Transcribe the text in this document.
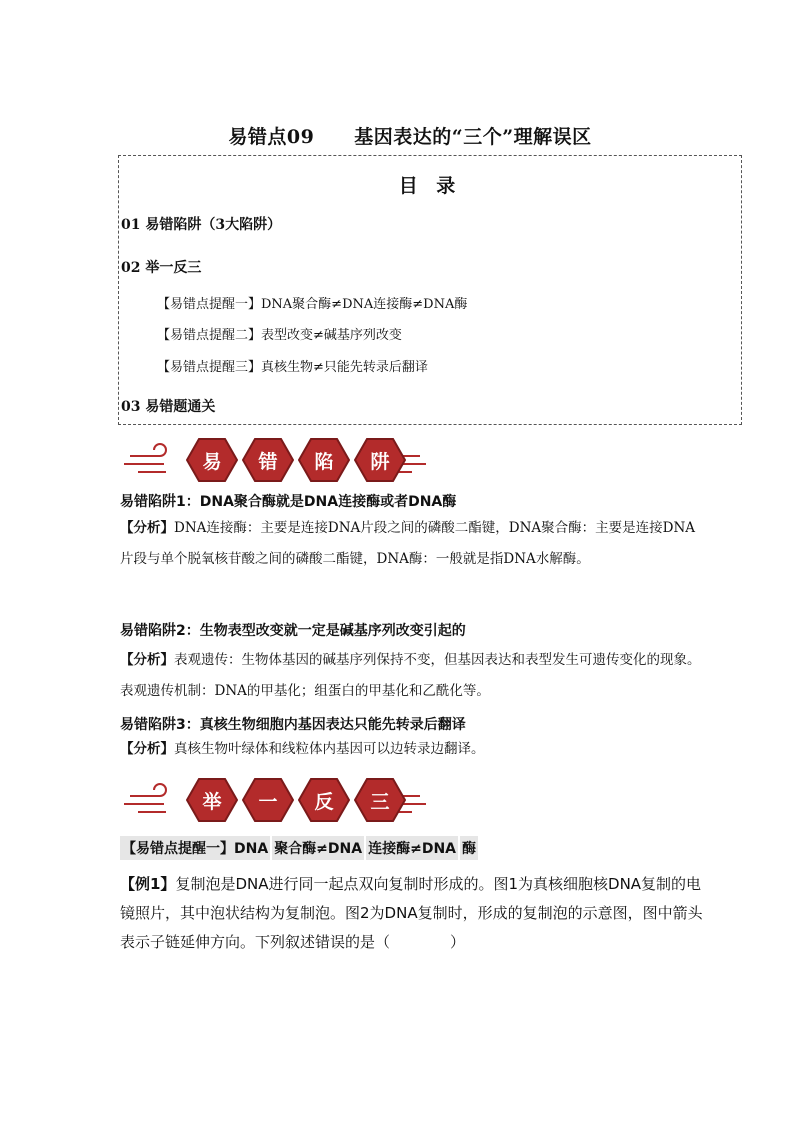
易错点09 基因表达的“三个”理解误区
目 录
01 易错陷阱（3大陷阱）
02 举一反三
【易错点提醒一】DNA聚合酶≠DNA连接酶≠DNA酶
【易错点提醒二】表型改变≠碱基序列改变
【易错点提醒三】真核生物≠只能先转录后翻译
03 易错题通关
易 错 陷 阱
易错陷阱1：DNA聚合酶就是DNA连接酶或者DNA酶
【分析】DNA连接酶：主要是连接DNA片段之间的磷酸二酯键，DNA聚合酶：主要是连接DNA片段与单个脱氧核苷酸之间的磷酸二酯键，DNA酶：一般就是指DNA水解酶。
易错陷阱2：生物表型改变就一定是碱基序列改变引起的
【分析】表观遗传：生物体基因的碱基序列保持不变，但基因表达和表型发生可遗传变化的现象。表观遗传机制：DNA的甲基化；组蛋白的甲基化和乙酰化等。
易错陷阱3：真核生物细胞内基因表达只能先转录后翻译
【分析】真核生物叶绿体和线粒体内基因可以边转录边翻译。
举 一 反 三
【易错点提醒一】DNA 聚合酶≠DNA 连接酶≠DNA 酶
【例1】复制泡是DNA进行同一起点双向复制时形成的。图1为真核细胞核DNA复制的电镜照片，其中泡状结构为复制泡。图2为DNA复制时，形成的复制泡的示意图，图中箭头表示子链延伸方向。下列叙述错误的是（　　　　）
